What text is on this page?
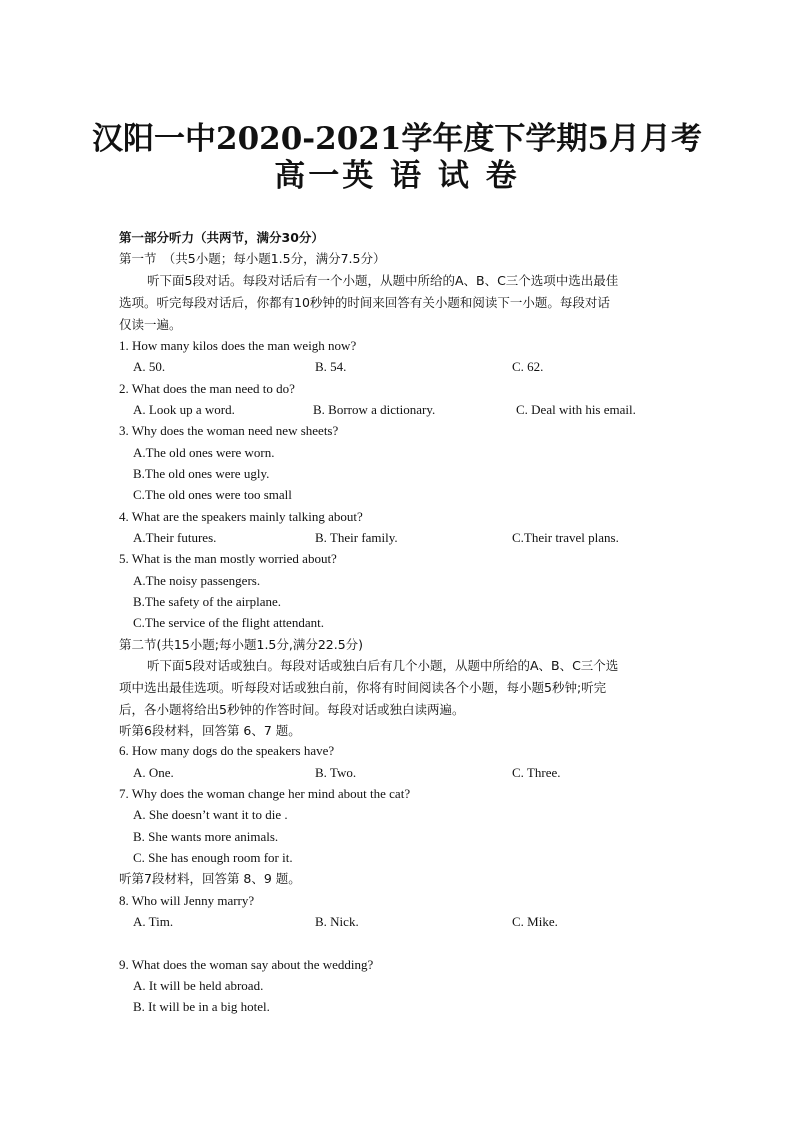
汉阳一中2020-2021学年度下学期5月月考
高一英 语 试 卷
第一部分听力（共两节，满分30分）
第一节　（共5小题；每小题1.5分，满分7.5分）
听下面5段对话。每段对话后有一个小题，从题中所给的A、B、C三个选项中选出最佳
选项。听完每段对话后，你都有10秒钟的时间来回答有关小题和阅读下一小题。每段对话
仅读一遍。
1. How many kilos does the man weigh now?
A. 50.	B. 54.	C. 62.
2. What does the man need to do?
A. Look up a word.	B. Borrow a dictionary.	C. Deal with his email.
3. Why does the woman need new sheets?
A.The old ones were worn.
B.The old ones were ugly.
C.The old ones were too small
4. What are the speakers mainly talking about?
A.Their futures.	B. Their family.	C.Their travel plans.
5. What is the man mostly worried about?
A.The noisy passengers.
B.The safety of the airplane.
C.The service of the flight attendant.
第二节(共15小题;每小题1.5分,满分22.5分)
听下面5段对话或独白。每段对话或独白后有几个小题，从题中所给的A、B、C三个选
项中选出最佳选项。听每段对话或独白前，你将有时间阅读各个小题，每小题5秒钟;听完
后，各小题将给出5秒钟的作答时间。每段对话或独白读两遍。
听第6段材料，回答第 6、7 题。
6. How many dogs do the speakers have?
A. One.	B. Two.	C. Three.
7. Why does the woman change her mind about the cat?
A. She doesn’t want it to die .
B. She wants more animals.
C. She has enough room for it.
听第7段材料，回答第 8、9 题。
8. Who will Jenny marry?
A. Tim.	B. Nick.	C. Mike.
9. What does the woman say about the wedding?
A. It will be held abroad.
B. It will be in a big hotel.
